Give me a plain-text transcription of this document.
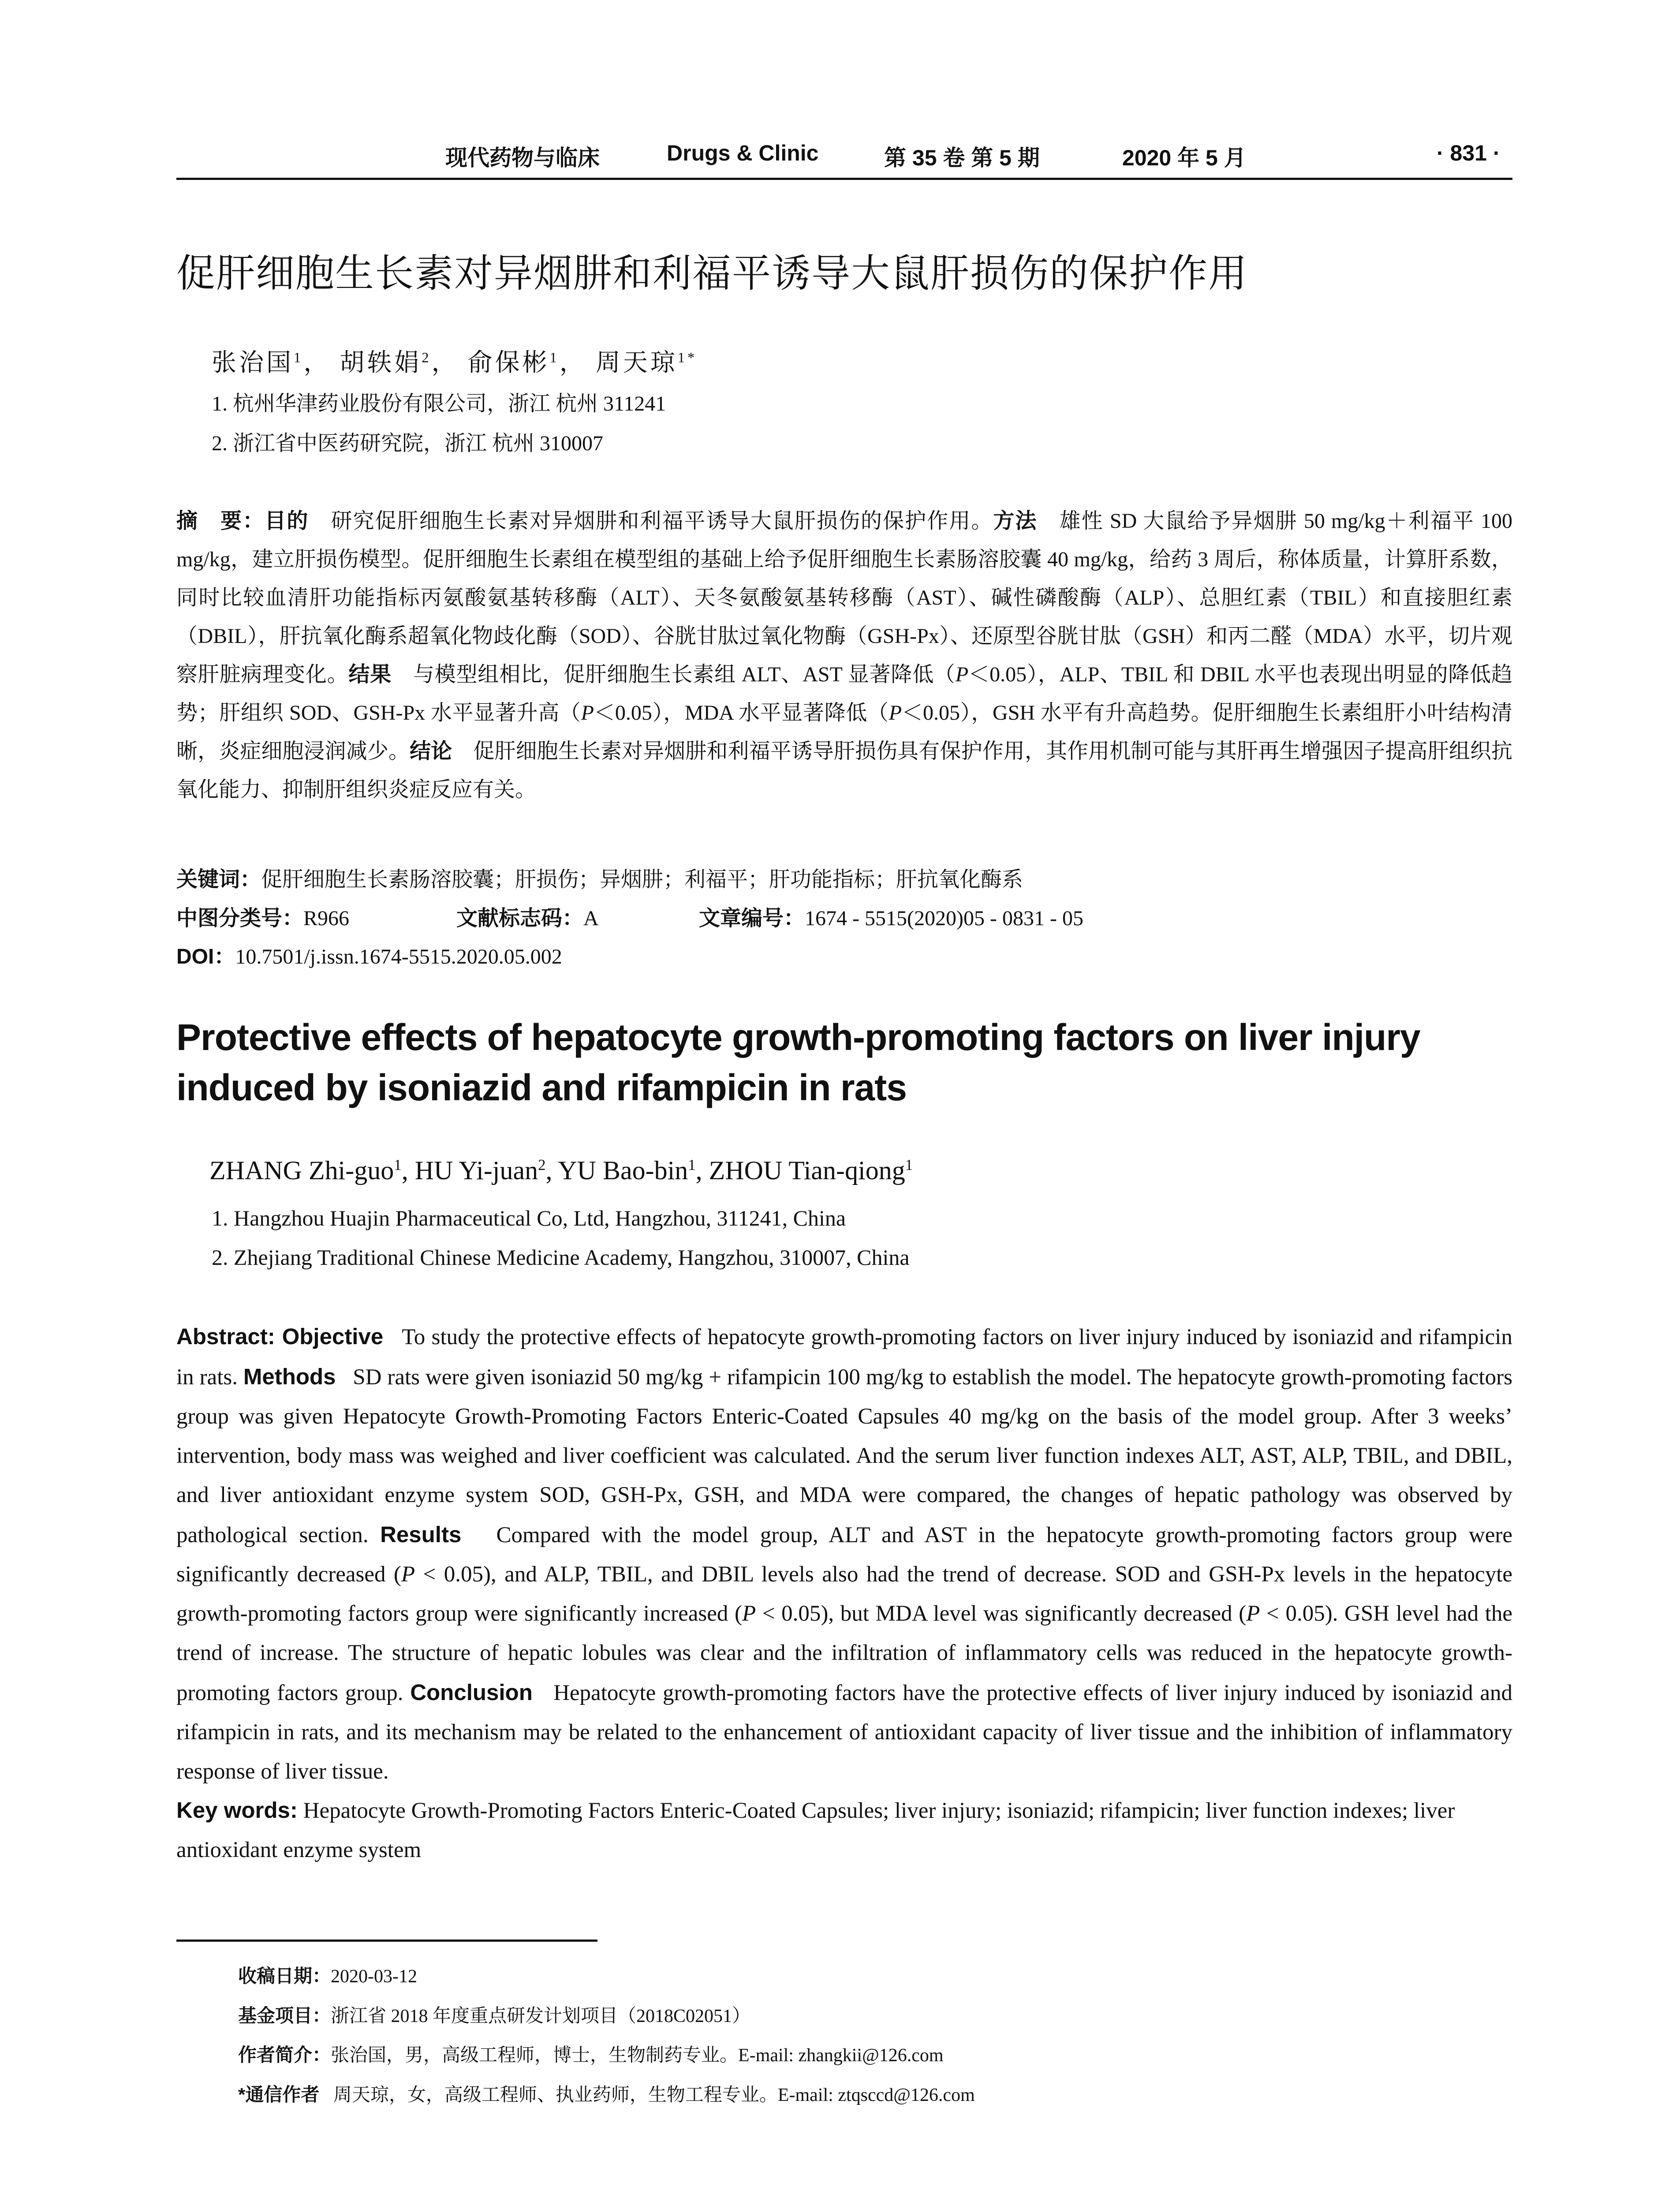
现代药物与临床	Drugs & Clinic	第 35 卷 第 5 期	2020 年 5 月	· 831 ·
促肝细胞生长素对异烟肼和利福平诱导大鼠肝损伤的保护作用
张治国$^1$， 胡轶娟$^2$， 俞保彬$^1$， 周天琼$^{1*}$
1. 杭州华津药业股份有限公司，浙江 杭州 311241
2. 浙江省中医药研究院，浙江 杭州 310007
摘　要：目的　 研究促肝细胞生长素对异烟肼和利福平诱导大鼠肝损伤的保护作用。方法　 雄性 SD 大鼠给予异烟肼 50 mg/kg＋利福平 100 mg/kg，建立肝损伤模型。促肝细胞生长素组在模型组的基础上给予促肝细胞生长素肠溶胶囊 40 mg/kg，给药 3 周后，称体质量，计算肝系数，同时比较血清肝功能指标丙氨酸氨基转移酶（ALT）、天冬氨酸氨基转移酶（AST）、碱性磷酸酶（ALP）、总胆红素（TBIL）和直接胆红素（DBIL），肝抗氧化酶系超氧化物歧化酶（SOD）、谷胱甘肽过氧化物酶（GSH-Px）、还原型谷胱甘肽（GSH）和丙二醛（MDA）水平，切片观察肝脏病理变化。结果　 与模型组相比，促肝细胞生长素组 ALT、AST 显著降低（P＜0.05），ALP、TBIL 和 DBIL 水平也表现出明显的降低趋势；肝组织 SOD、GSH-Px 水平显著升高（P＜0.05），MDA 水平显著降低（P＜0.05），GSH 水平有升高趋势。促肝细胞生长素组肝小叶结构清晰，炎症细胞浸润减少。结论　 促肝细胞生长素对异烟肼和利福平诱导肝损伤具有保护作用，其作用机制可能与其肝再生增强因子提高肝组织抗氧化能力、抑制肝组织炎症反应有关。
关键词：促肝细胞生长素肠溶胶囊；肝损伤；异烟肼；利福平；肝功能指标；肝抗氧化酶系
中图分类号：R966	文献标志码：A	文章编号：1674 - 5515(2020)05 - 0831 - 05
DOI：10.7501/j.issn.1674-5515.2020.05.002
Protective effects of hepatocyte growth-promoting factors on liver injury induced by isoniazid and rifampicin in rats
ZHANG Zhi-guo$^1$, HU Yi-juan$^2$, YU Bao-bin$^1$, ZHOU Tian-qiong$^1$
1. Hangzhou Huajin Pharmaceutical Co, Ltd, Hangzhou, 311241, China
2. Zhejiang Traditional Chinese Medicine Academy, Hangzhou, 310007, China
Abstract: Objective To study the protective effects of hepatocyte growth-promoting factors on liver injury induced by isoniazid and rifampicin in rats. Methods SD rats were given isoniazid 50 mg/kg + rifampicin 100 mg/kg to establish the model. The hepatocyte growth-promoting factors group was given Hepatocyte Growth-Promoting Factors Enteric-Coated Capsules 40 mg/kg on the basis of the model group. After 3 weeks’ intervention, body mass was weighed and liver coefficient was calculated. And the serum liver function indexes ALT, AST, ALP, TBIL, and DBIL, and liver antioxidant enzyme system SOD, GSH-Px, GSH, and MDA were compared, the changes of hepatic pathology was observed by pathological section. Results Compared with the model group, ALT and AST in the hepatocyte growth-promoting factors group were significantly decreased (P < 0.05), and ALP, TBIL, and DBIL levels also had the trend of decrease. SOD and GSH-Px levels in the hepatocyte growth-promoting factors group were significantly increased (P < 0.05), but MDA level was significantly decreased (P < 0.05). GSH level had the trend of increase. The structure of hepatic lobules was clear and the infiltration of inflammatory cells was reduced in the hepatocyte growth-promoting factors group. Conclusion Hepatocyte growth-promoting factors have the protective effects of liver injury induced by isoniazid and rifampicin in rats, and its mechanism may be related to the enhancement of antioxidant capacity of liver tissue and the inhibition of inflammatory response of liver tissue.
Key words: Hepatocyte Growth-Promoting Factors Enteric-Coated Capsules; liver injury; isoniazid; rifampicin; liver function indexes; liver antioxidant enzyme system
收稿日期：2020-03-12
基金项目：浙江省 2018 年度重点研发计划项目（2018C02051）
作者简介：张治国，男，高级工程师，博士，生物制药专业。E-mail: zhangkii@126.com
*通信作者 周天琼，女，高级工程师、执业药师，生物工程专业。E-mail: ztqsccd@126.com
